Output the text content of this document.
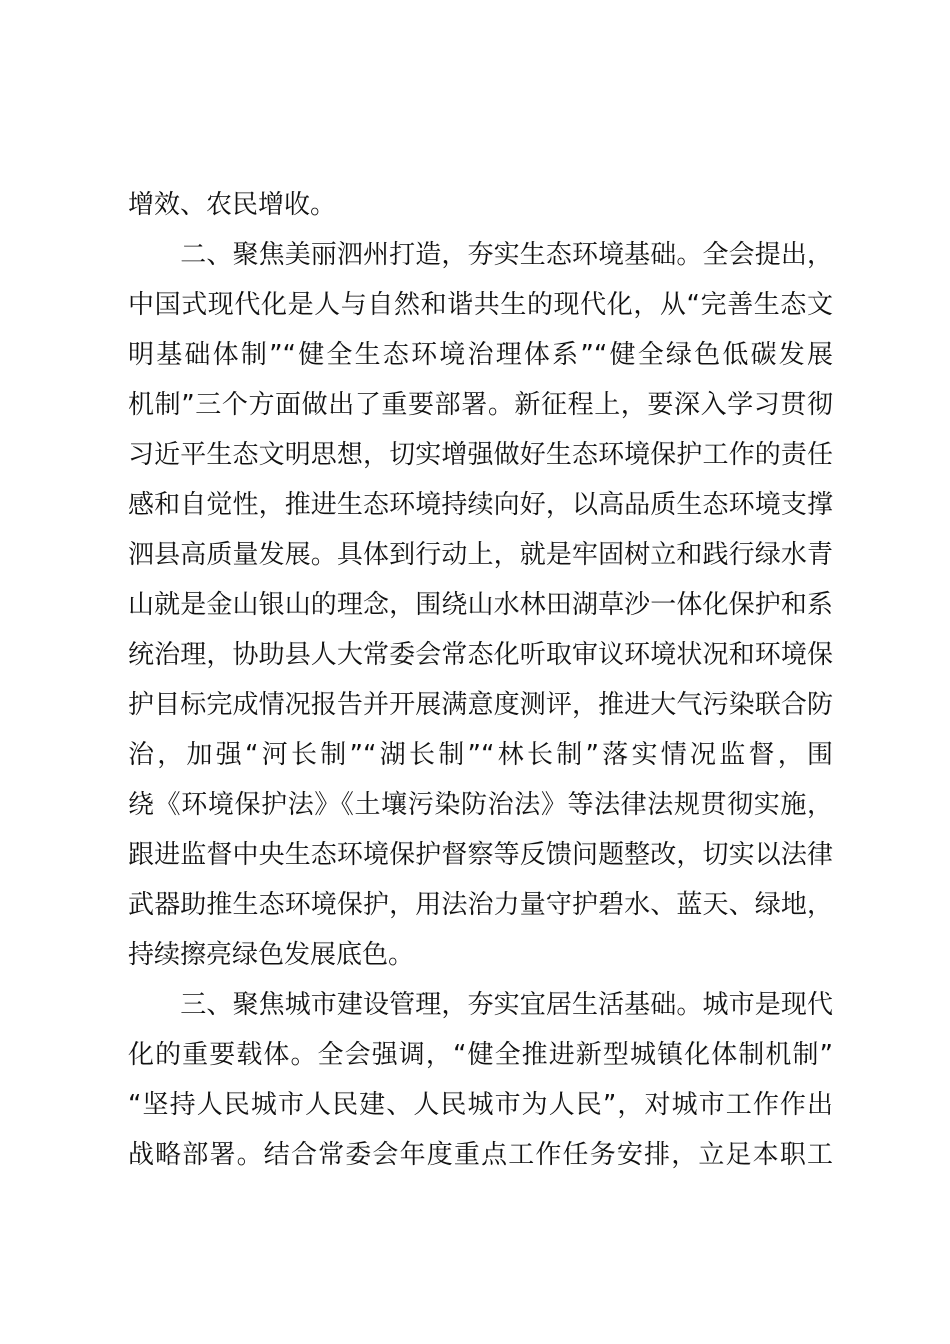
增效、农民增收。
　　二、聚焦美丽泗州打造，夯实生态环境基础。全会提出，
中国式现代化是人与自然和谐共生的现代化，从“完善生态文
明基础体制”“健全生态环境治理体系”“健全绿色低碳发展
机制”三个方面做出了重要部署。新征程上，要深入学习贯彻
习近平生态文明思想，切实增强做好生态环境保护工作的责任
感和自觉性，推进生态环境持续向好，以高品质生态环境支撑
泗县高质量发展。具体到行动上，就是牢固树立和践行绿水青
山就是金山银山的理念，围绕山水林田湖草沙一体化保护和系
统治理，协助县人大常委会常态化听取审议环境状况和环境保
护目标完成情况报告并开展满意度测评，推进大气污染联合防
治，加强“河长制”“湖长制”“林长制”落实情况监督，围
绕《环境保护法》《土壤污染防治法》等法律法规贯彻实施，
跟进监督中央生态环境保护督察等反馈问题整改，切实以法律
武器助推生态环境保护，用法治力量守护碧水、蓝天、绿地，
持续擦亮绿色发展底色。
　　三、聚焦城市建设管理，夯实宜居生活基础。城市是现代
化的重要载体。全会强调，“健全推进新型城镇化体制机制”
“坚持人民城市人民建、人民城市为人民”，对城市工作作出
战略部署。结合常委会年度重点工作任务安排，立足本职工
